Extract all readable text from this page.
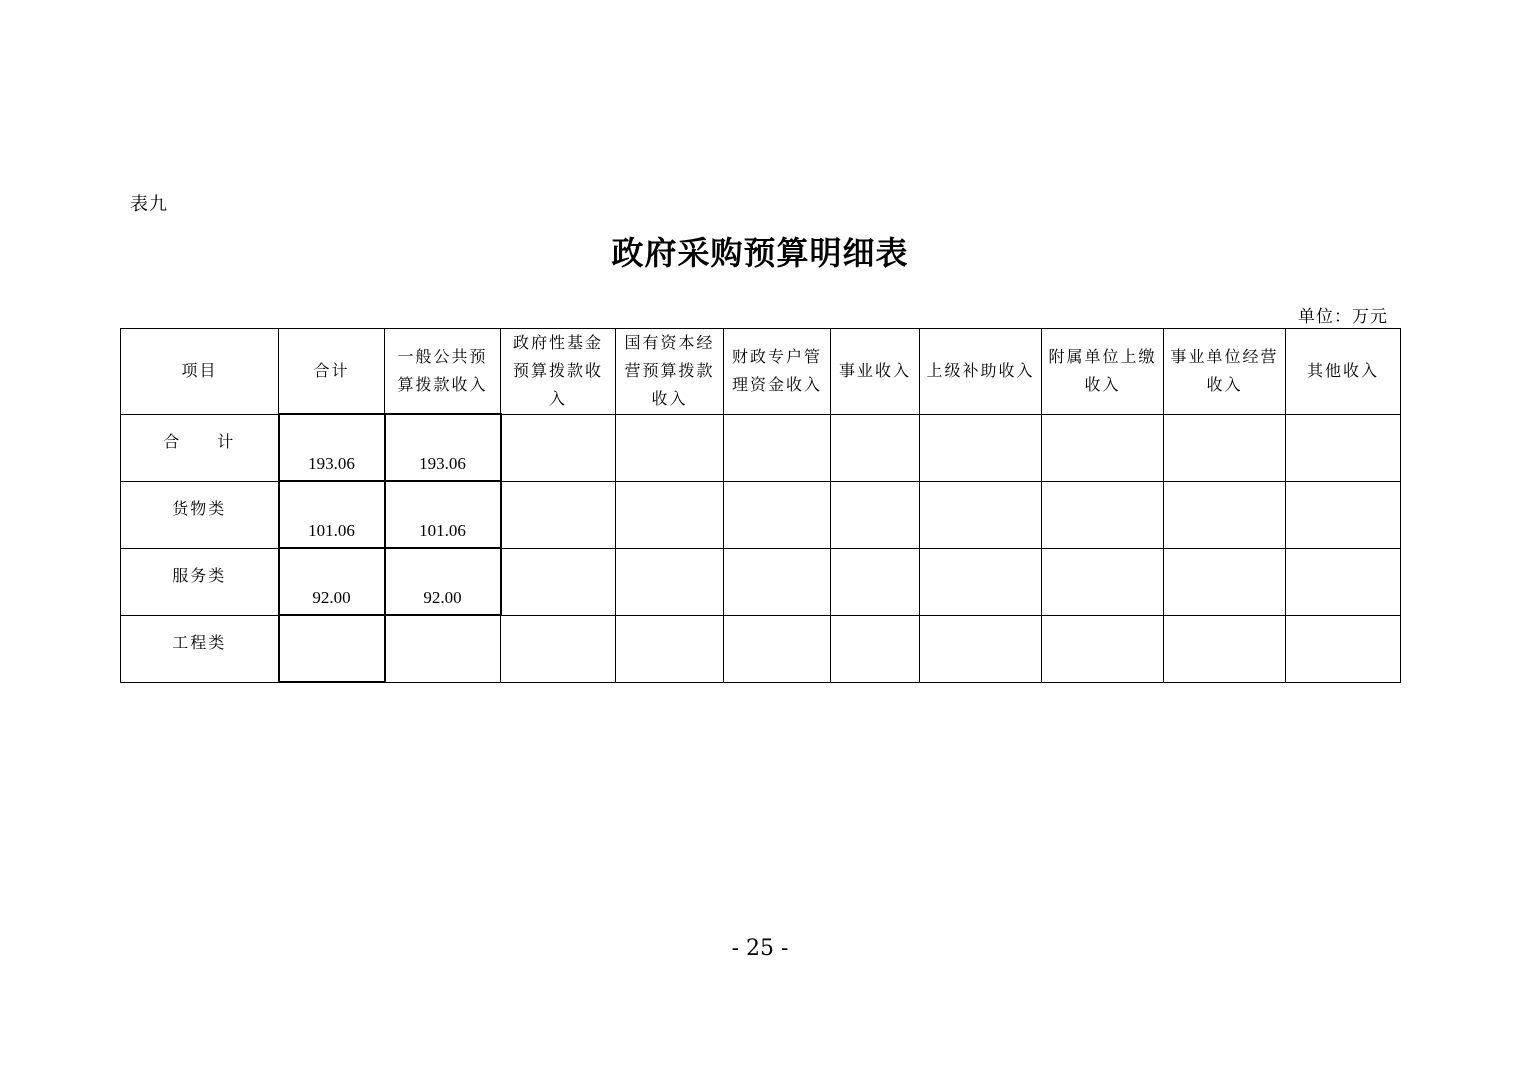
表九
政府采购预算明细表
单位：万元
项目	合计	一般公共预算拨款收入	政府性基金预算拨款收入	国有资本经营预算拨款收入	财政专户管理资金收入	事业收入	上级补助收入	附属单位上缴收入	事业单位经营收入	其他收入
合　　计	193.06	193.06								
货物类	101.06	101.06								
服务类	92.00	92.00								
工程类										
- 25 -
